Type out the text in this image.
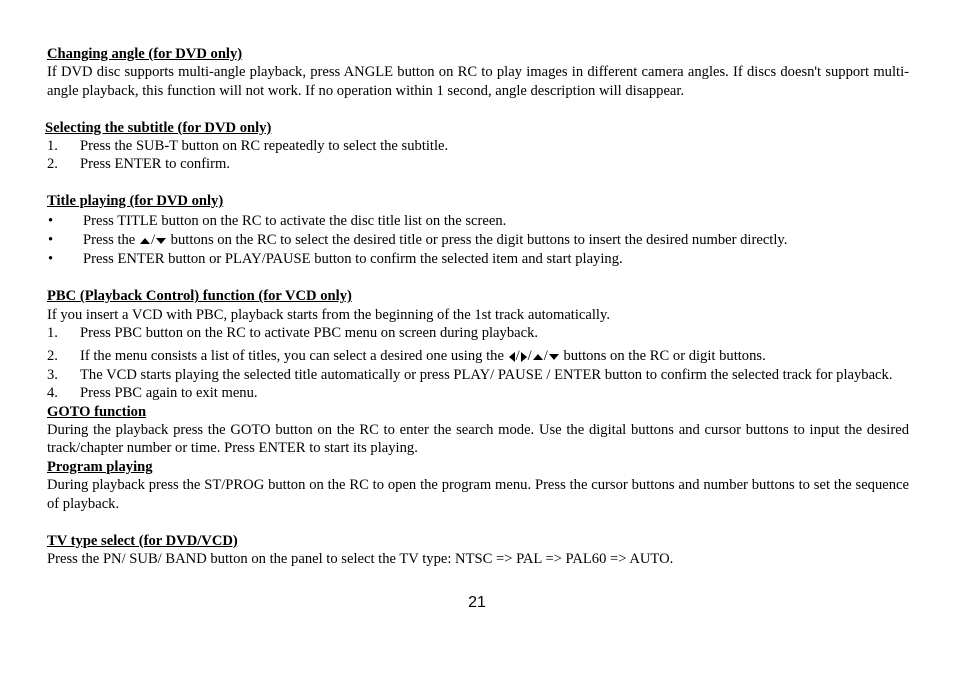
Changing angle (for DVD only)

If DVD disc supports multi-angle playback, press ANGLE button on RC to play images in different camera angles. If discs doesn't support multi-angle playback, this function will not work. If no operation within 1 second, angle description will disappear.

Selecting the subtitle (for DVD only)
1.	Press the SUB-T button on RC repeatedly to select the subtitle.
2.	Press ENTER to confirm.
Title playing (for DVD only)
•	Press TITLE button on the RC to activate the disc title list on the screen.
•	Press the / buttons on the RC to select the desired title or press the digit buttons to insert the desired number directly.
•	Press ENTER button or PLAY/PAUSE button to confirm the selected item and start playing.
PBC (Playback Control) function (for VCD only)

If you insert a VCD with PBC, playback starts from the beginning of the 1st track automatically.

1.	Press PBC button on the RC to activate PBC menu on screen during playback.
2.	If the menu consists a list of titles, you can select a desired one using the / / / buttons on the RC or digit buttons.
3.	The VCD starts playing the selected title automatically or press PLAY/ PAUSE / ENTER button to confirm the selected track for playback.
4.	Press PBC again to exit menu.
GOTO function

During the playback press the GOTO button on the RC to enter the search mode. Use the digital buttons and cursor buttons to input the desired track/chapter number or time. Press ENTER to start its playing.

Program playing

During playback press the ST/PROG button on the RC to open the program menu. Press the cursor buttons and number buttons to set the sequence of playback.

TV type select (for DVD/VCD)

Press the PN/ SUB/ BAND button on the panel to select the TV type: NTSC => PAL => PAL60 => AUTO.

21
